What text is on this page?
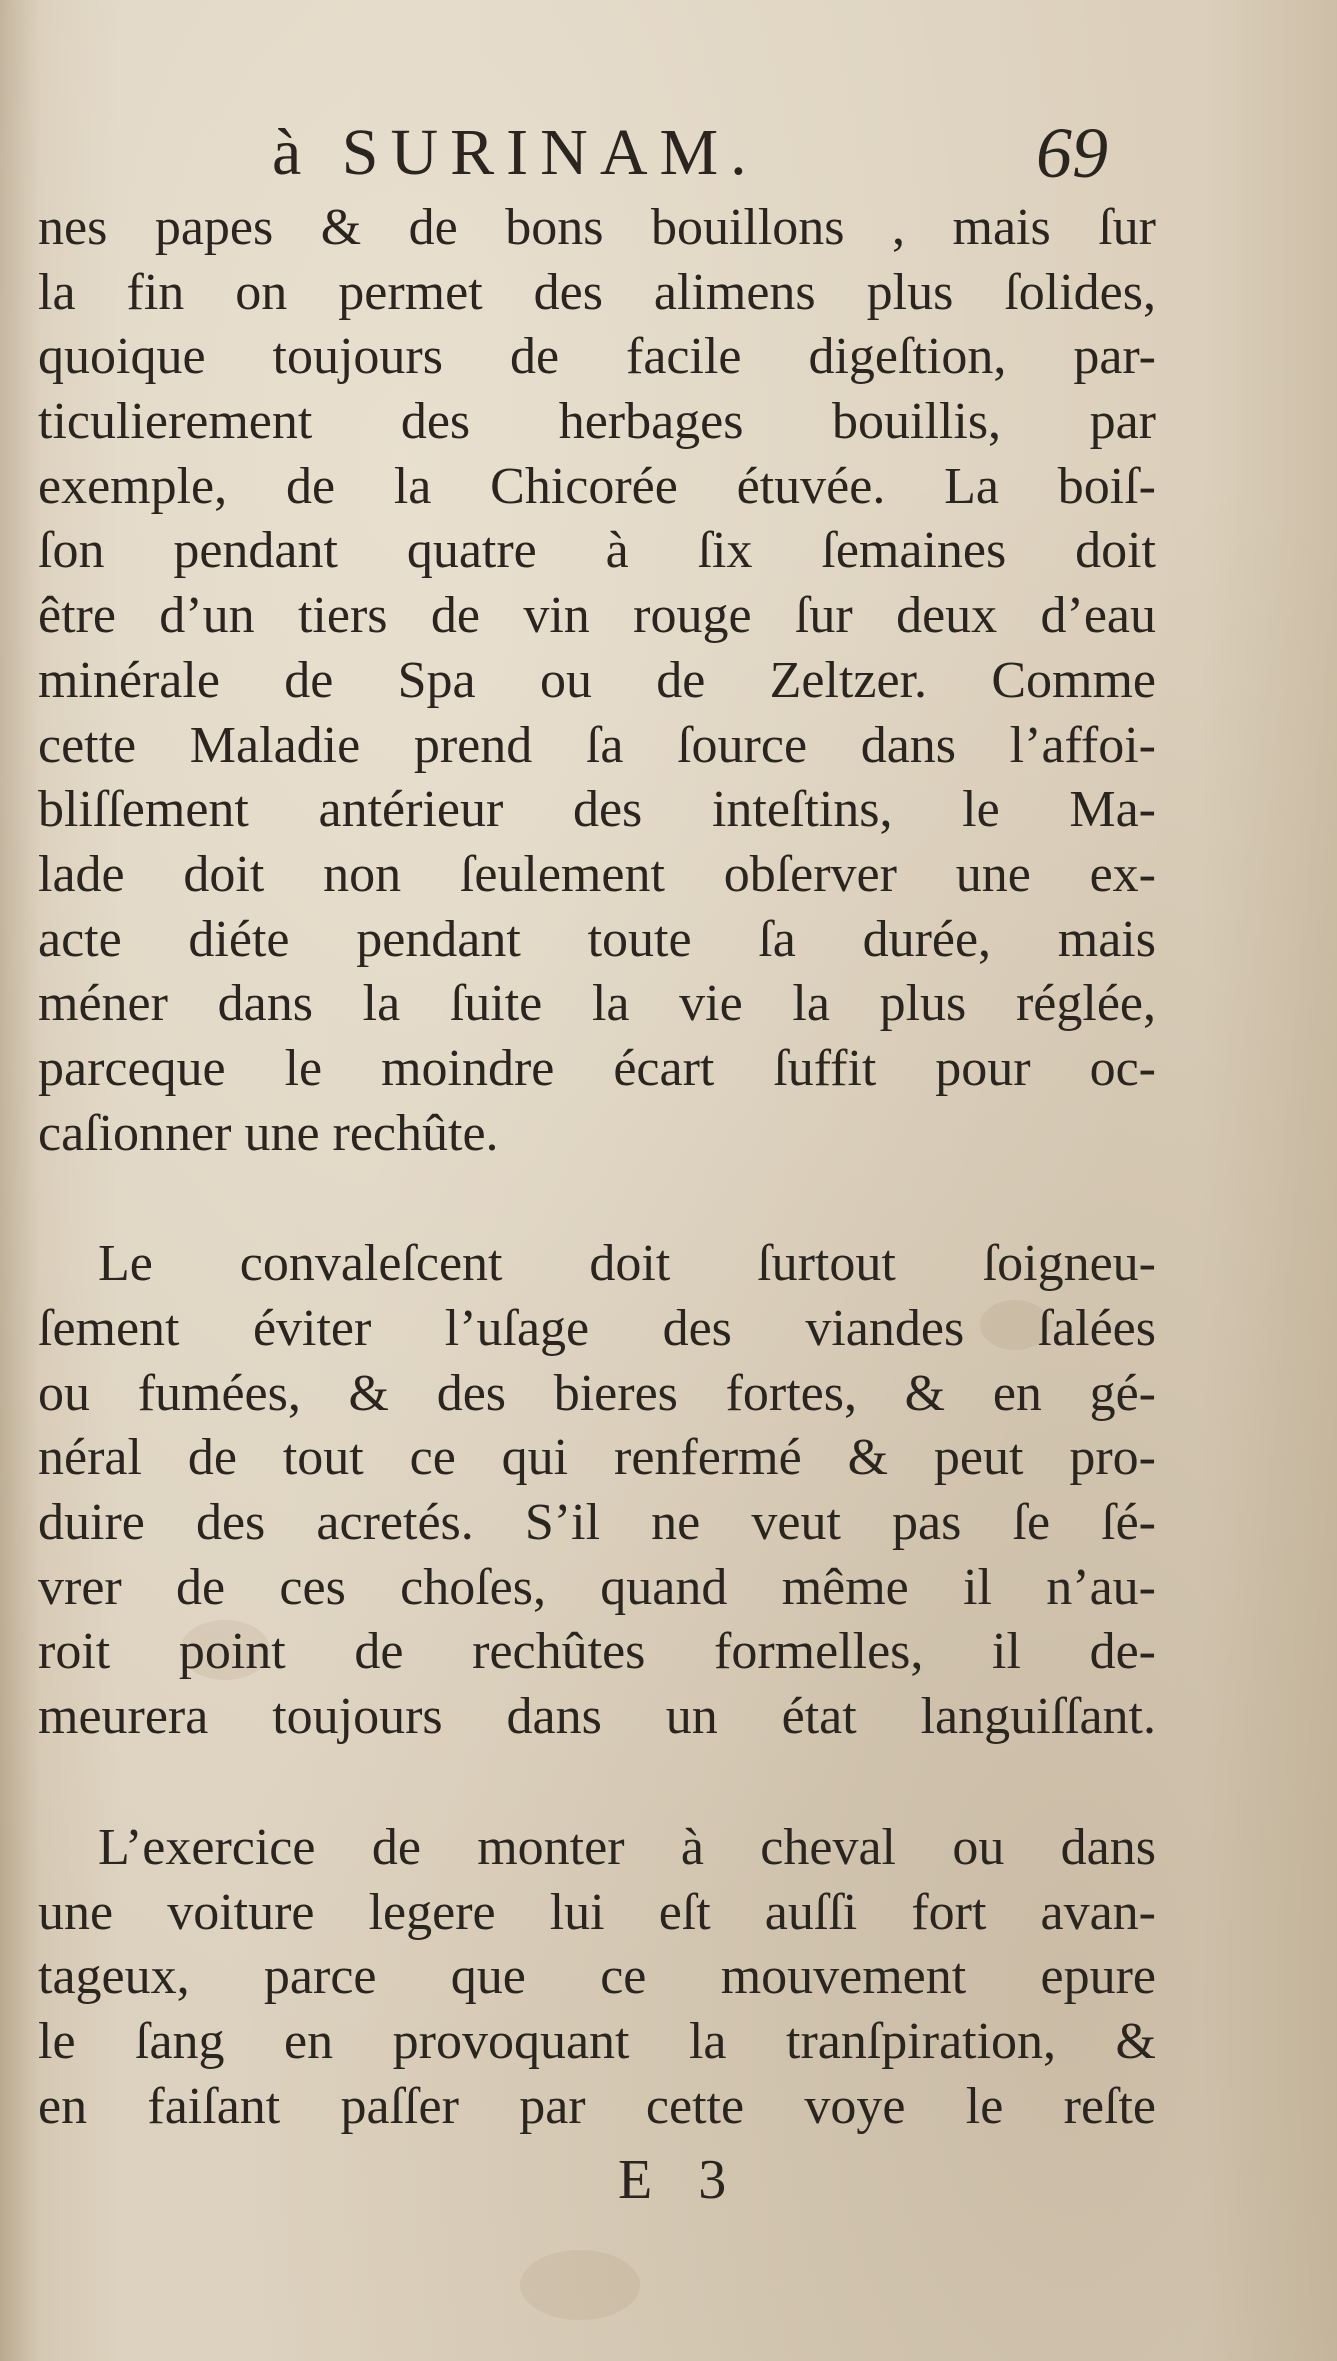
à SURINAM.	69
nes papes & de bons bouillons , mais ſur
la fin on permet des alimens plus ſolides,
quoique toujours de facile digeſtion, par-
ticulierement des herbages bouillis, par
exemple, de la Chicorée étuvée. La boiſ-
ſon pendant quatre à ſix ſemaines doit
être d’un tiers de vin rouge ſur deux d’eau
minérale de Spa ou de Zeltzer. Comme
cette Maladie prend ſa ſource dans l’affoi-
bliſſement antérieur des inteſtins, le Ma-
lade doit non ſeulement obſerver une ex-
acte diéte pendant toute ſa durée, mais
méner dans la ſuite la vie la plus réglée,
parceque le moindre écart ſuffit pour oc-
caſionner une rechûte.
Le convaleſcent doit ſurtout ſoigneu-
ſement éviter l’uſage des viandes ſalées
ou fumées, & des bieres fortes, & en gé-
néral de tout ce qui renfermé & peut pro-
duire des acretés. S’il ne veut pas ſe ſé-
vrer de ces choſes, quand même il n’au-
roit point de rechûtes formelles, il de-
meurera toujours dans un état languiſſant.
L’exercice de monter à cheval ou dans
une voiture legere lui eſt auſſi fort avan-
tageux, parce que ce mouvement epure
le ſang en provoquant la tranſpiration, &
en faiſant paſſer par cette voye le reſte
E 3
